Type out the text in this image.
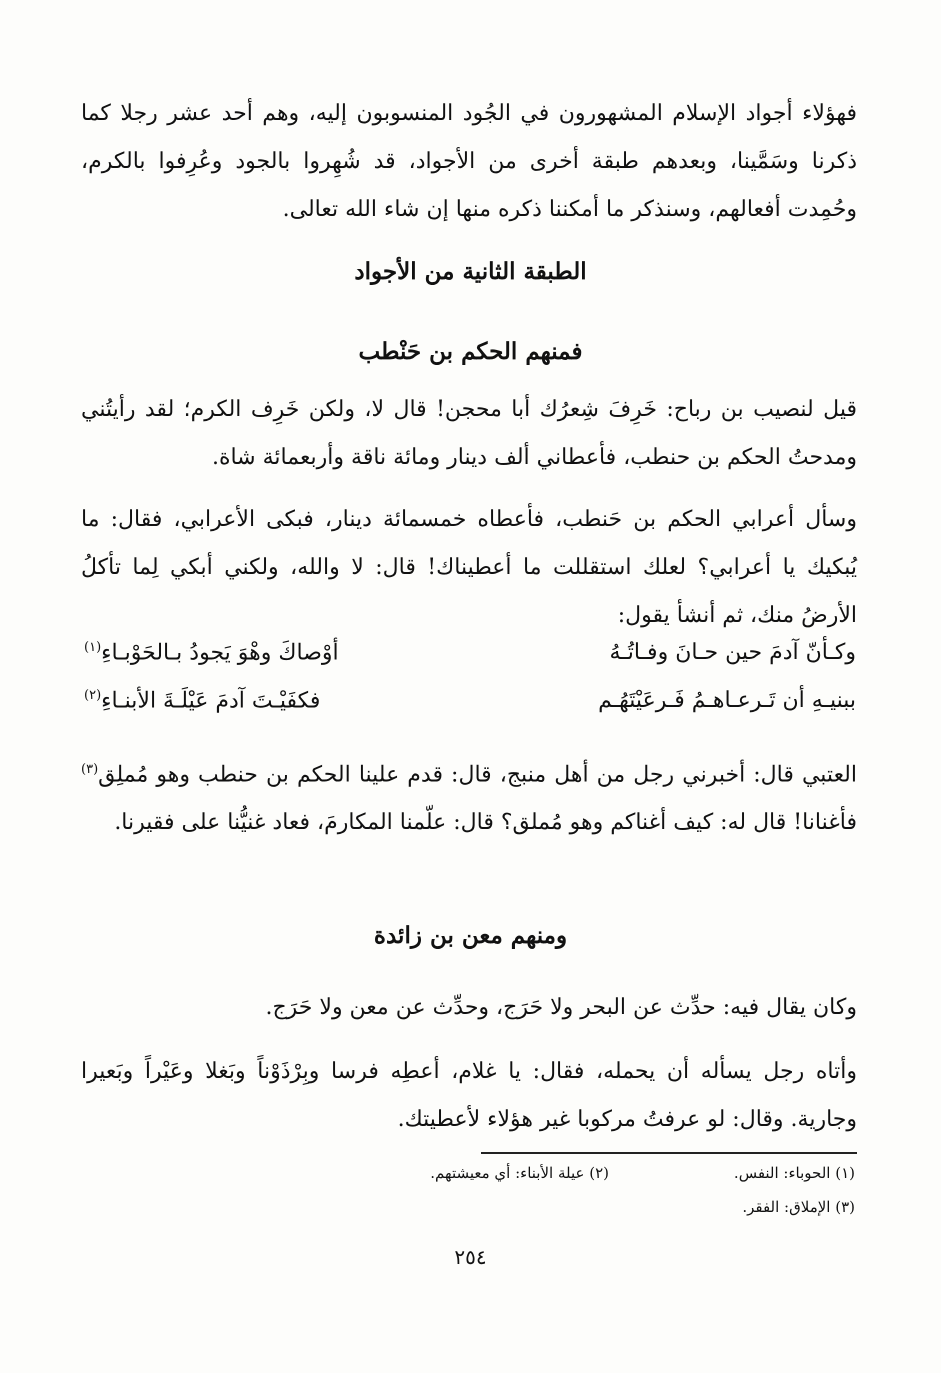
فهؤلاء أجواد الإسلام المشهورون في الجُود المنسوبون إليه، وهم أحد عشر رجلا كما ذكرنا وسَمَّينا، وبعدهم طبقة أخرى من الأجواد، قد شُهِروا بالجود وعُرِفوا بالكرم، وحُمِدت أفعالهم، وسنذكر ما أمكننا ذكره منها إن شاء الله تعالى.
الطبقة الثانية من الأجواد
فمنهم الحكم بن حَنْطب
قيل لنصيب بن رباح: خَرِفَ شِعرُك أبا محجن! قال لا، ولكن خَرِف الكرم؛ لقد رأيتُني ومدحتُ الحكم بن حنطب، فأعطاني ألف دينار ومائة ناقة وأربعمائة شاة.
وسأل أعرابي الحكم بن حَنطب، فأعطاه خمسمائة دينار، فبكى الأعرابي، فقال: ما يُبكيك يا أعرابي؟ لعلك استقللت ما أعطيناك! قال: لا والله، ولكني أبكي لِما تأكلُ الأرضُ منك، ثم أنشأ يقول:
وكـأنّ آدمَ حين حـانَ وفـاتُـهُ
أوْصاكَ وهْوَ يَجودُ بـالحَوْبـاءِ$^{(١)}$
ببنيـهِ أن تَـرعـاهـمُ فَـرعَيْتَهُـم
فكفَيْـتَ آدمَ عَيْلَـةَ الأبنـاءِ$^{(٢)}$
العتبي قال: أخبرني رجل من أهل منبج، قال: قدم علينا الحكم بن حنطب وهو مُملِق$^{(٣)}$ فأغنانا! قال له: كيف أغناكم وهو مُملق؟ قال: علّمنا المكارمَ، فعاد غنيُّنا على فقيرنا.
ومنهم معن بن زائدة
وكان يقال فيه: حدِّث عن البحر ولا حَرَج، وحدِّث عن معن ولا حَرَج.
وأتاه رجل يسأله أن يحمله، فقال: يا غلام، أعطِه فرسا وبِرْذَوْناً وبَغلا وعَيْراً وبَعيرا وجارية. وقال: لو عرفتُ مركوبا غير هؤلاء لأعطيتك.
(١) الحوباء: النفس.
(٢) عيلة الأبناء: أي معيشتهم.
(٣) الإملاق: الفقر.
٢٥٤
